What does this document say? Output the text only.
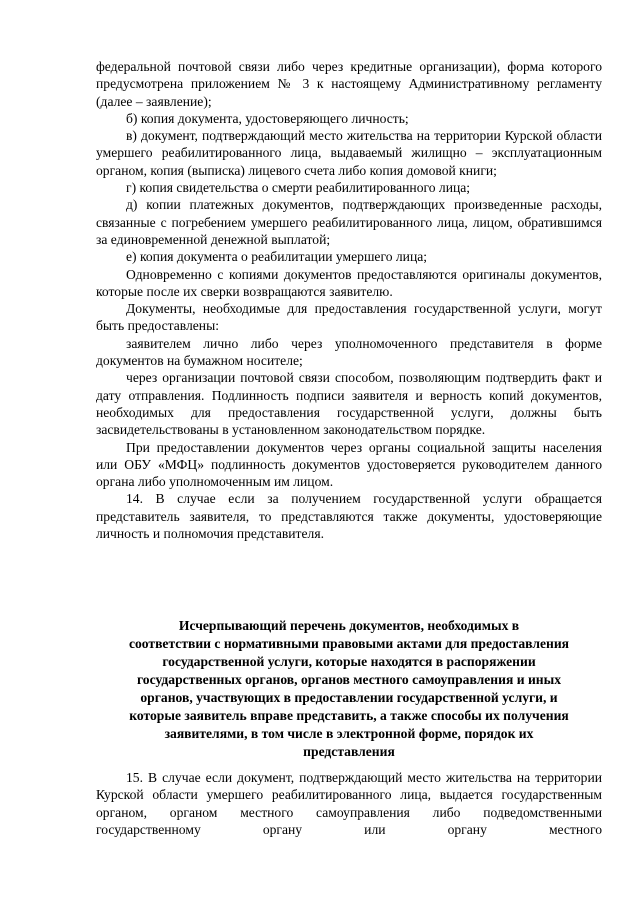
федеральной почтовой связи либо через кредитные организации), форма которого предусмотрена приложением № 3 к настоящему Административному регламенту (далее – заявление);

б) копия документа, удостоверяющего личность;

в) документ, подтверждающий место жительства на территории Курской области умершего реабилитированного лица, выдаваемый жилищно – эксплуатационным органом, копия (выписка) лицевого счета либо копия домовой книги;

г) копия свидетельства о смерти реабилитированного лица;

д) копии платежных документов, подтверждающих произведенные расходы, связанные с погребением умершего реабилитированного лица, лицом, обратившимся за единовременной денежной выплатой;

е) копия документа о реабилитации умершего лица;

Одновременно с копиями документов предоставляются оригиналы документов, которые после их сверки возвращаются заявителю.

Документы, необходимые для предоставления государственной услуги, могут быть предоставлены:

заявителем лично либо через уполномоченного представителя в форме документов на бумажном носителе;

через организации почтовой связи способом, позволяющим подтвердить факт и дату отправления. Подлинность подписи заявителя и верность копий документов, необходимых для предоставления государственной услуги, должны быть засвидетельствованы в установленном законодательством порядке.

При предоставлении документов через органы социальной защиты населения или ОБУ «МФЦ» подлинность документов удостоверяется руководителем данного органа либо уполномоченным им лицом.

14. В случае если за получением государственной услуги обращается представитель заявителя, то представляются также документы, удостоверяющие личность и полномочия представителя.

Исчерпывающий перечень документов, необходимых в
соответствии с нормативными правовыми актами для предоставления
государственной услуги, которые находятся в распоряжении
государственных органов, органов местного самоуправления и иных
органов, участвующих в предоставлении государственной услуги, и
которые заявитель вправе представить, а также способы их получения
заявителями, в том числе в электронной форме, порядок их
представления

15. В случае если документ, подтверждающий место жительства на территории Курской области умершего реабилитированного лица, выдается государственным органом, органом местного самоуправления либо подведомственными государственному органу или органу местного
